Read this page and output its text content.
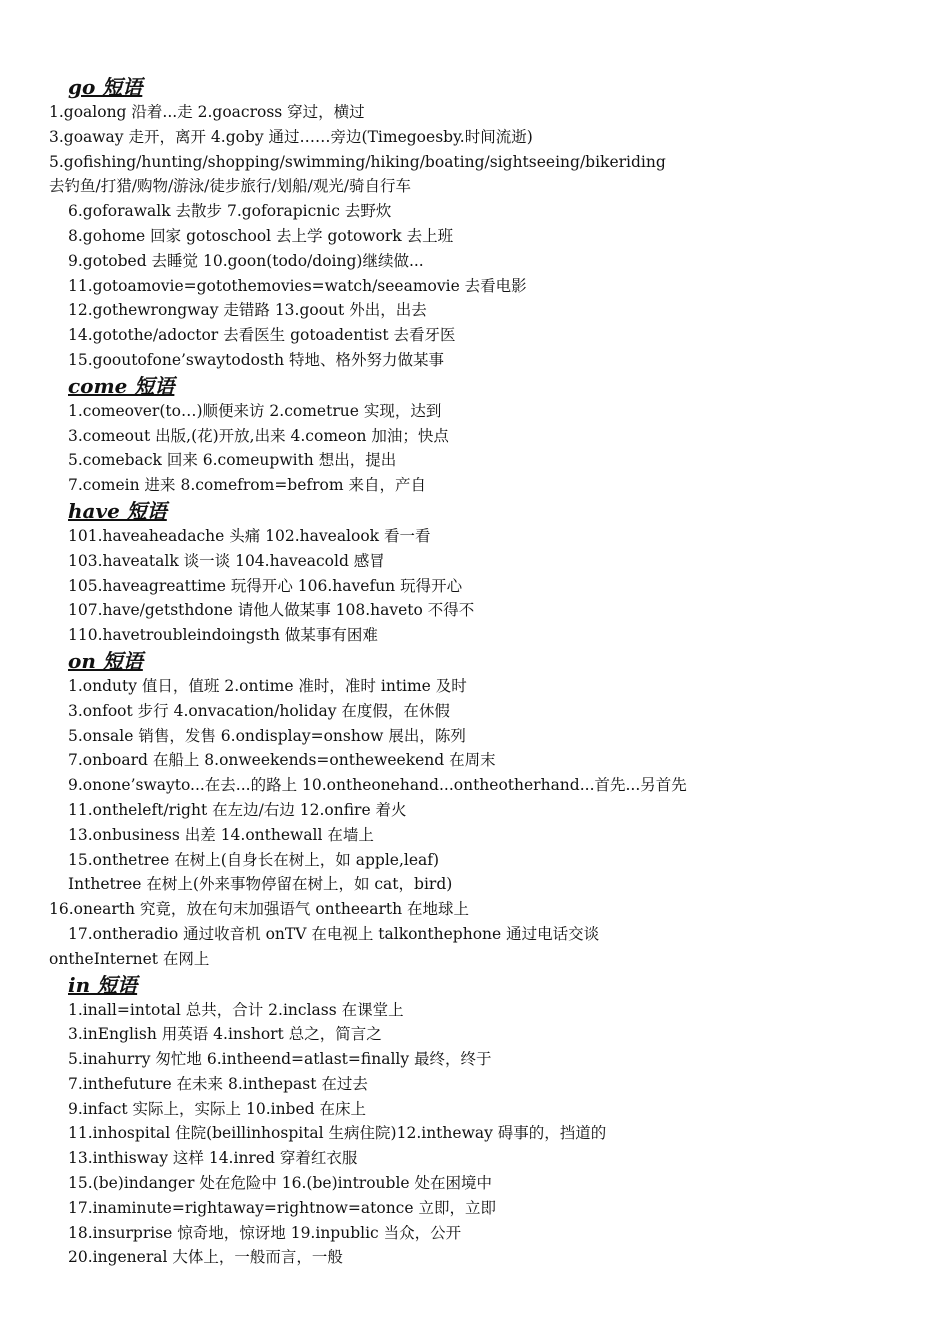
go 短语
1.goalong 沿着...走 2.goacross 穿过，横过
3.goaway 走开，离开 4.goby 通过……旁边(Timegoesby.时间流逝)
5.gofishing/hunting/shopping/swimming/hiking/boating/sightseeing/bikeriding
去钓鱼/打猎/购物/游泳/徒步旅行/划船/观光/骑自行车
6.goforawalk 去散步 7.goforapicnic 去野炊
8.gohome 回家 gotoschool 去上学 gotowork 去上班
9.gotobed 去睡觉 10.goon(todo/doing)继续做...
11.gotoamovie=gotothemovies=watch/seeamovie 去看电影
12.gothewrongway 走错路 13.goout 外出，出去
14.gotothe/adoctor 去看医生 gotoadentist 去看牙医
15.gooutofone’swaytodosth 特地、格外努力做某事
come 短语
1.comeover(to…)顺便来访 2.cometrue 实现，达到
3.comeout 出版,(花)开放,出来 4.comeon 加油；快点
5.comeback 回来 6.comeupwith 想出，提出
7.comein 进来 8.comefrom=befrom 来自，产自
have 短语
101.haveaheadache 头痛 102.havealook 看一看
103.haveatalk 谈一谈 104.haveacold 感冒
105.haveagreattime 玩得开心 106.havefun 玩得开心
107.have/getsthdone 请他人做某事 108.haveto 不得不
110.havetroubleindoingsth 做某事有困难
on 短语
1.onduty 值日，值班 2.ontime 准时，准时 intime 及时
3.onfoot 步行 4.onvacation/holiday 在度假，在休假
5.onsale 销售，发售 6.ondisplay=onshow 展出，陈列
7.onboard 在船上 8.onweekends=ontheweekend 在周末
9.onone’swayto...在去...的路上 10.ontheonehand...ontheotherhand...首先...另首先
11.ontheleft/right 在左边/右边 12.onfire 着火
13.onbusiness 出差 14.onthewall 在墙上
15.onthetree 在树上(自身长在树上，如 apple,leaf)
Inthetree 在树上(外来事物停留在树上，如 cat，bird)
16.onearth 究竟，放在句末加强语气 ontheearth 在地球上
17.ontheradio 通过收音机 onTV 在电视上 talkonthephone 通过电话交谈
ontheInternet 在网上
in 短语
1.inall=intotal 总共，合计 2.inclass 在课堂上
3.inEnglish 用英语 4.inshort 总之，简言之
5.inahurry 匆忙地 6.intheend=atlast=finally 最终，终于
7.inthefuture 在未来 8.inthepast 在过去
9.infact 实际上，实际上 10.inbed 在床上
11.inhospital 住院(beillinhospital 生病住院)12.intheway 碍事的，挡道的
13.inthisway 这样 14.inred 穿着红衣服
15.(be)indanger 处在危险中 16.(be)introuble 处在困境中
17.inaminute=rightaway=rightnow=atonce 立即，立即
18.insurprise 惊奇地，惊讶地 19.inpublic 当众，公开
20.ingeneral 大体上，一般而言，一般
